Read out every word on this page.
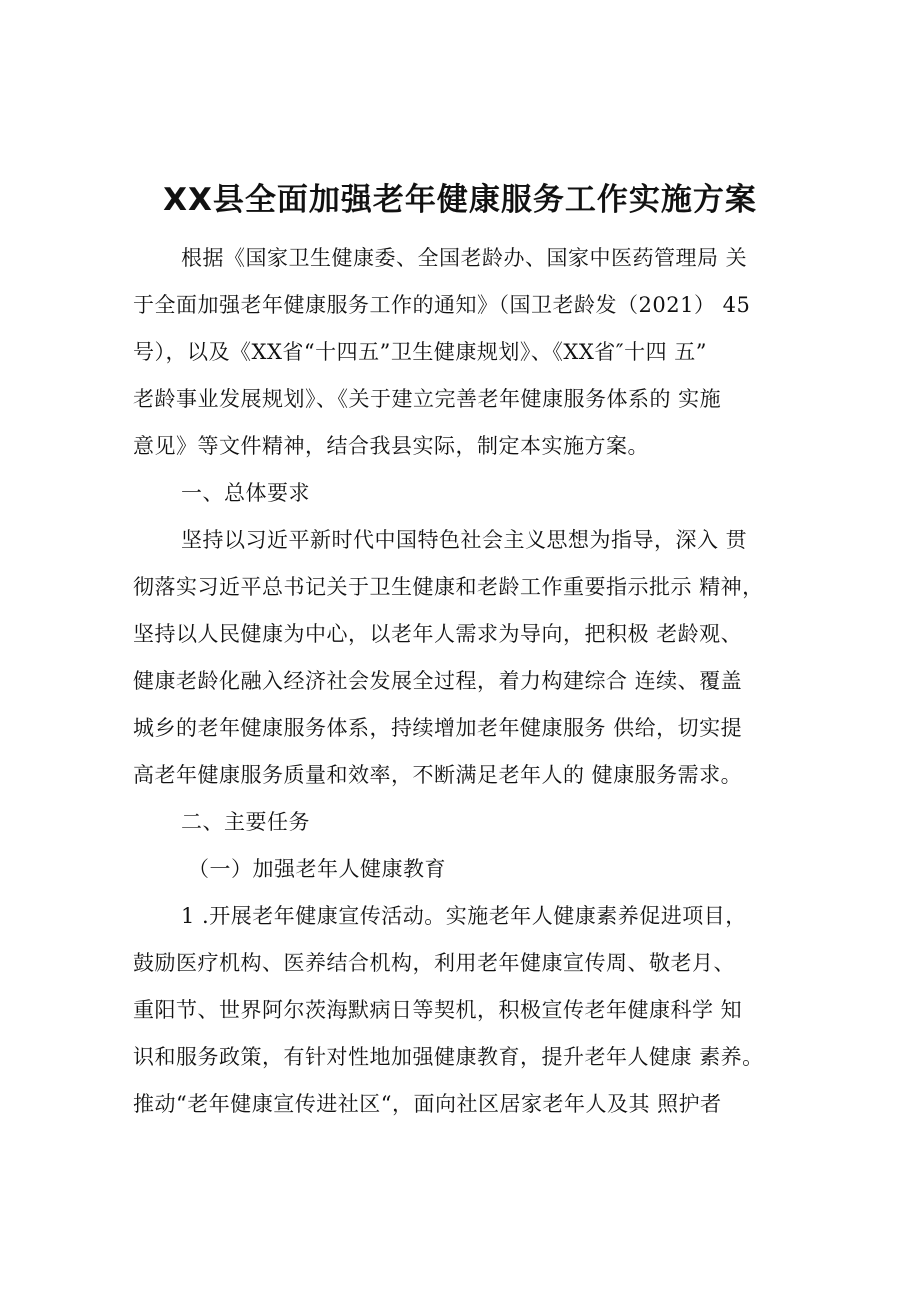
XX县全面加强老年健康服务工作实施方案
根据《国家卫生健康委、全国老龄办、国家中医药管理局 关
于全面加强老年健康服务工作的通知》（国卫老龄发（2021） 45
号），以及《XX省“十四五”卫生健康规划》、《XX省″十四 五”
老龄事业发展规划》、《关于建立完善老年健康服务体系的 实施
意见》等文件精神，结合我县实际，制定本实施方案。
一、总体要求
坚持以习近平新时代中国特色社会主义思想为指导，深入 贯
彻落实习近平总书记关于卫生健康和老龄工作重要指示批示 精神，
坚持以人民健康为中心，以老年人需求为导向，把积极 老龄观、
健康老龄化融入经济社会发展全过程，着力构建综合 连续、覆盖
城乡的老年健康服务体系，持续增加老年健康服务 供给，切实提
高老年健康服务质量和效率，不断满足老年人的 健康服务需求。
二、主要任务
（一）加强老年人健康教育
1 .开展老年健康宣传活动。实施老年人健康素养促进项目，
鼓励医疗机构、医养结合机构，利用老年健康宣传周、敬老月、
重阳节、世界阿尔茨海默病日等契机，积极宣传老年健康科学 知
识和服务政策，有针对性地加强健康教育，提升老年人健康 素养。
推动“老年健康宣传进社区“，面向社区居家老年人及其 照护者
